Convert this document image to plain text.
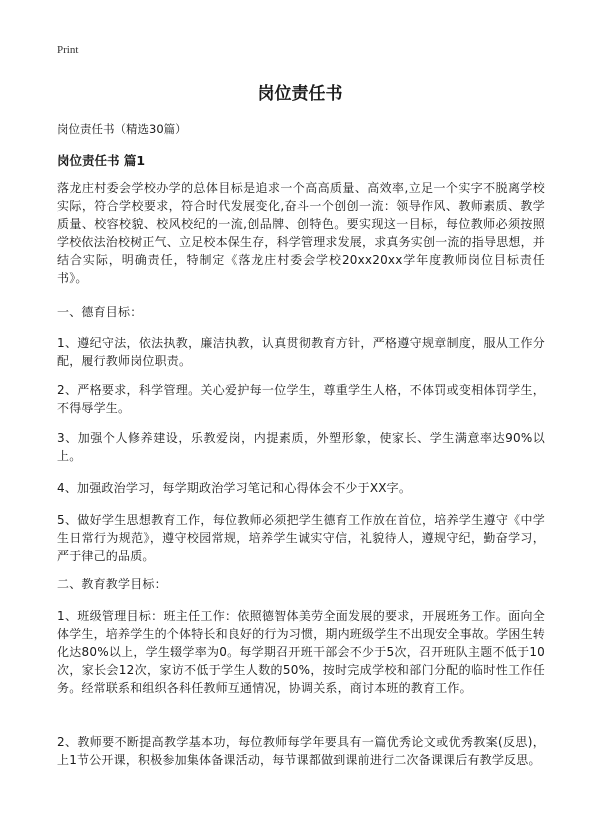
Print
岗位责任书
岗位责任书（精选30篇）
岗位责任书 篇1

落龙庄村委会学校办学的总体目标是追求一个高高质量、高效率,立足一个实字不脱离学校实际，符合学校要求，符合时代发展变化,奋斗一个创创一流：领导作风、教师素质、教学质量、校容校貌、校风校纪的一流,创品牌、创特色。要实现这一目标，每位教师必须按照学校依法治校树正气、立足校本保生存，科学管理求发展，求真务实创一流的指导思想，并结合实际，明确责任，特制定《落龙庄村委会学校20xx20xx学年度教师岗位目标责任书》。

一、德育目标：

1、遵纪守法，依法执教，廉洁执教，认真贯彻教育方针，严格遵守规章制度，服从工作分配，履行教师岗位职责。

2、严格要求，科学管理。关心爱护每一位学生，尊重学生人格，不体罚或变相体罚学生，不得辱学生。

3、加强个人修养建设，乐教爱岗，内提素质，外塑形象，使家长、学生满意率达90%以上。

4、加强政治学习，每学期政治学习笔记和心得体会不少于XX字。

5、做好学生思想教育工作，每位教师必须把学生德育工作放在首位，培养学生遵守《中学生日常行为规范》，遵守校园常规，培养学生诚实守信，礼貌待人，遵规守纪，勤奋学习，严于律己的品质。

二、教育教学目标：

1、班级管理目标：班主任工作：依照德智体美劳全面发展的要求，开展班务工作。面向全体学生，培养学生的个体特长和良好的行为习惯，期内班级学生不出现安全事故。学困生转化达80%以上，学生辍学率为0。每学期召开班干部会不少于5次，召开班队主题不低于10次，家长会12次，家访不低于学生人数的50%，按时完成学校和部门分配的临时性工作任务。经常联系和组织各科任教师互通情况，协调关系，商讨本班的教育工作。

2、教师要不断提高教学基本功，每位教师每学年要具有一篇优秀论文或优秀教案(反思)，上1节公开课，积极参加集体备课活动，每节课都做到课前进行二次备课课后有教学反思。
